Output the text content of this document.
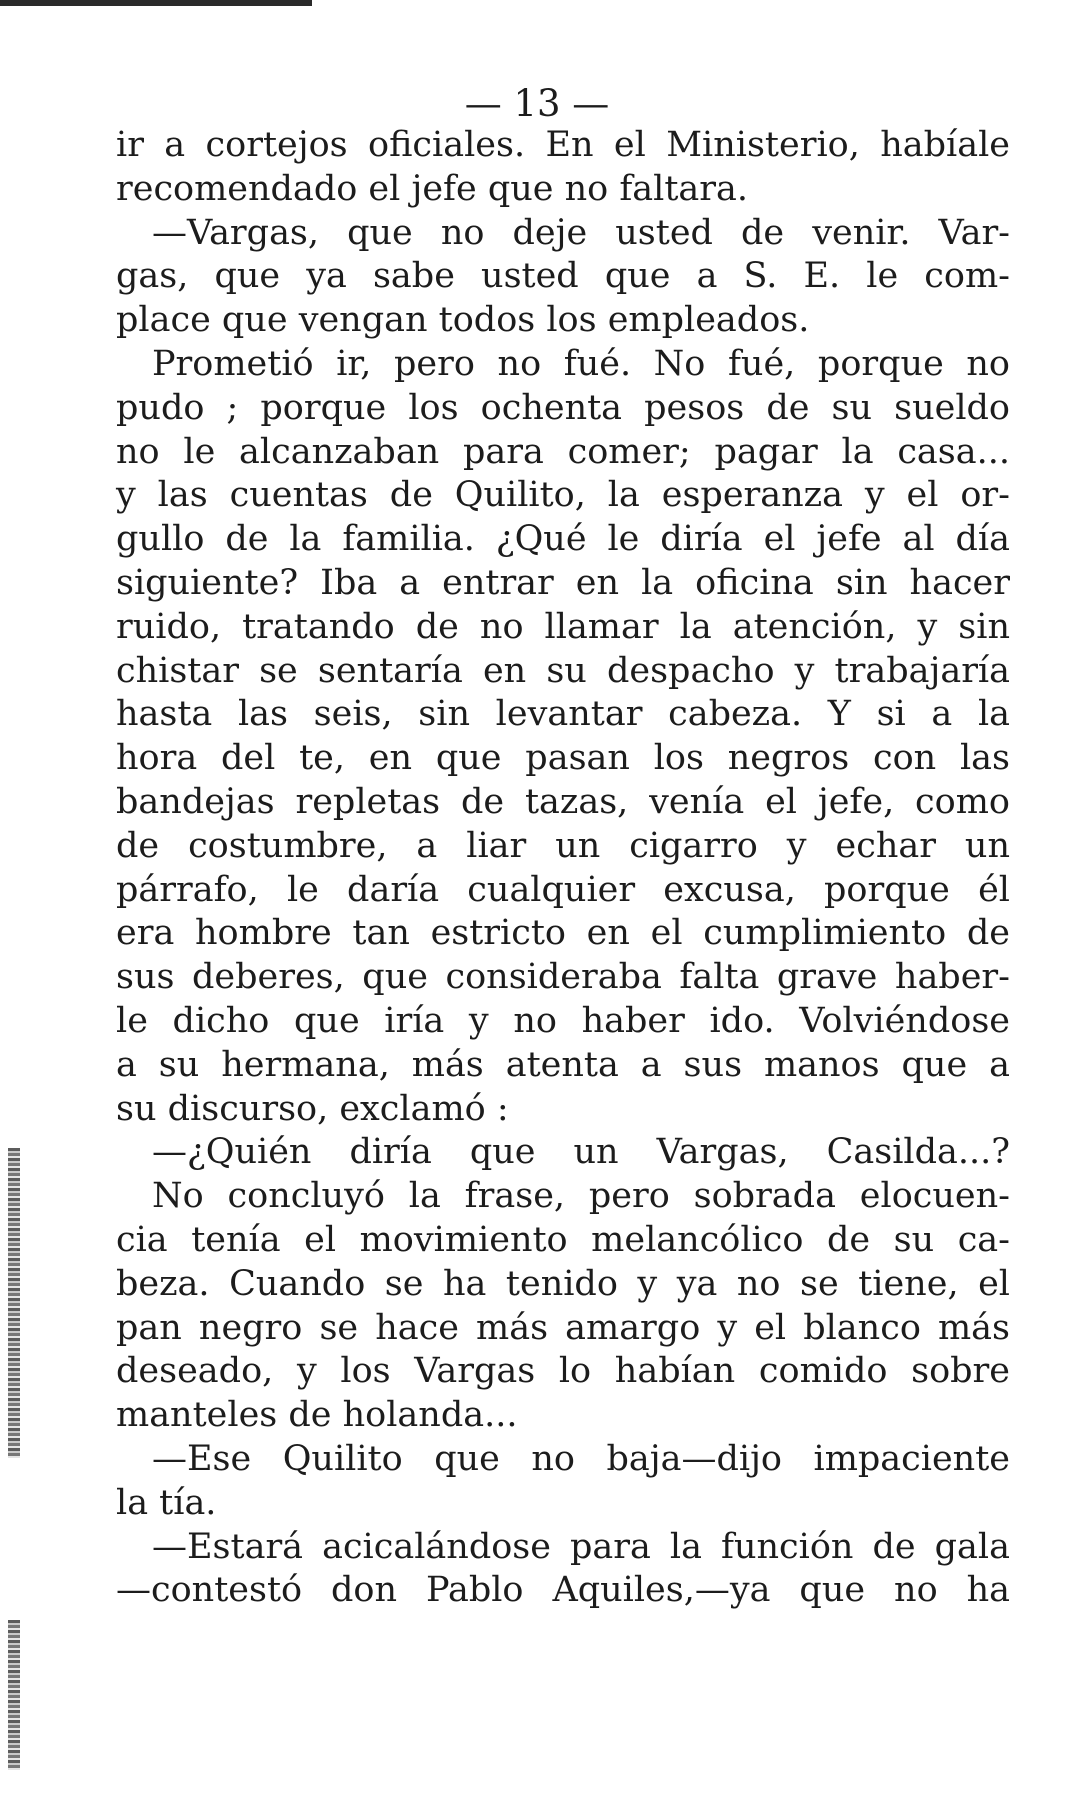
— 13 —
ir a cortejos oficiales. En el Ministerio, habíale
recomendado el jefe que no faltara.
—Vargas, que no deje usted de venir. Var-
gas, que ya sabe usted que a S. E. le com-
place que vengan todos los empleados.
Prometió ir, pero no fué. No fué, porque no
pudo ; porque los ochenta pesos de su sueldo
no le alcanzaban para comer; pagar la casa...
y las cuentas de Quilito, la esperanza y el or-
gullo de la familia. ¿Qué le diría el jefe al día
siguiente? Iba a entrar en la oficina sin hacer
ruido, tratando de no llamar la atención, y sin
chistar se sentaría en su despacho y trabajaría
hasta las seis, sin levantar cabeza. Y si a la
hora del te, en que pasan los negros con las
bandejas repletas de tazas, venía el jefe, como
de costumbre, a liar un cigarro y echar un
párrafo, le daría cualquier excusa, porque él
era hombre tan estricto en el cumplimiento de
sus deberes, que consideraba falta grave haber-
le dicho que iría y no haber ido. Volviéndose
a su hermana, más atenta a sus manos que a
su discurso, exclamó :
—¿Quién diría que un Vargas, Casilda...?
No concluyó la frase, pero sobrada elocuen-
cia tenía el movimiento melancólico de su ca-
beza. Cuando se ha tenido y ya no se tiene, el
pan negro se hace más amargo y el blanco más
deseado, y los Vargas lo habían comido sobre
manteles de holanda...
—Ese Quilito que no baja—dijo impaciente
la tía.
—Estará acicalándose para la función de gala
—contestó don Pablo Aquiles,—ya que no ha
